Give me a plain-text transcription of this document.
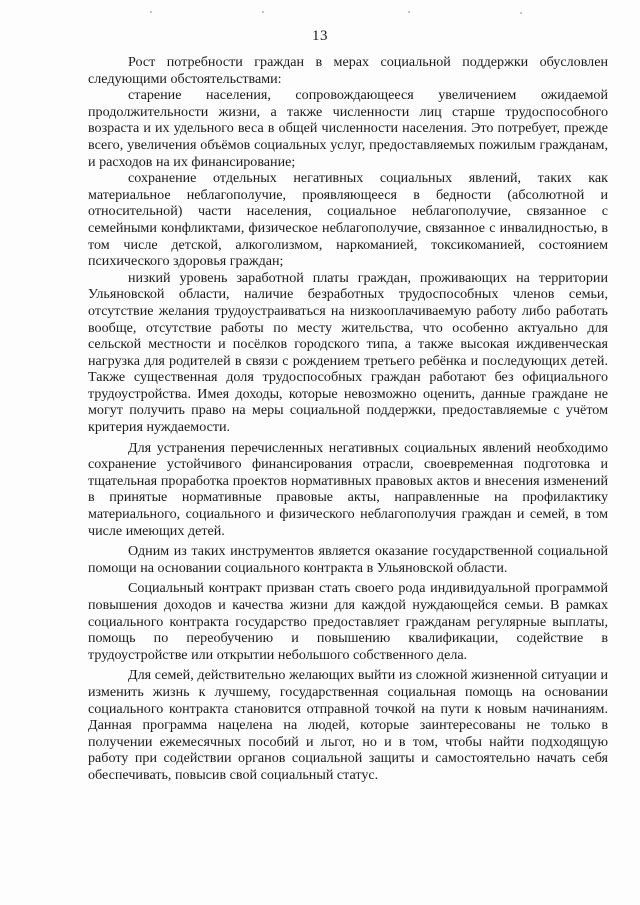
13

Рост потребности граждан в мерах социальной поддержки обусловлен следующими обстоятельствами:

старение населения, сопровождающееся увеличением ожидаемой продолжительности жизни, а также численности лиц старше трудоспособного возраста и их удельного веса в общей численности населения. Это потребует, прежде всего, увеличения объёмов социальных услуг, предоставляемых пожилым гражданам, и расходов на их финансирование;

сохранение отдельных негативных социальных явлений, таких как материальное неблагополучие, проявляющееся в бедности (абсолютной и относительной) части населения, социальное неблагополучие, связанное с семейными конфликтами, физическое неблагополучие, связанное с инвалидностью, в том числе детской, алкоголизмом, наркоманией, токсикоманией, состоянием психического здоровья граждан;

низкий уровень заработной платы граждан, проживающих на территории Ульяновской области, наличие безработных трудоспособных членов семьи, отсутствие желания трудоустраиваться на низкооплачиваемую работу либо работать вообще, отсутствие работы по месту жительства, что особенно актуально для сельской местности и посёлков городского типа, а также высокая иждивенческая нагрузка для родителей в связи с рождением третьего ребёнка и последующих детей. Также существенная доля трудоспособных граждан работают без официального трудоустройства. Имея доходы, которые невозможно оценить, данные граждане не могут получить право на меры социальной поддержки, предоставляемые с учётом критерия нуждаемости.

Для устранения перечисленных негативных социальных явлений необходимо сохранение устойчивого финансирования отрасли, своевременная подготовка и тщательная проработка проектов нормативных правовых актов и внесения изменений в принятые нормативные правовые акты, направленные на профилактику материального, социального и физического неблагополучия граждан и семей, в том числе имеющих детей.

Одним из таких инструментов является оказание государственной социальной помощи на основании социального контракта в Ульяновской области.

Социальный контракт призван стать своего рода индивидуальной программой повышения доходов и качества жизни для каждой нуждающейся семьи. В рамках социального контракта государство предоставляет гражданам регулярные выплаты, помощь по переобучению и повышению квалификации, содействие в трудоустройстве или открытии небольшого собственного дела.

Для семей, действительно желающих выйти из сложной жизненной ситуации и изменить жизнь к лучшему, государственная социальная помощь на основании социального контракта становится отправной точкой на пути к новым начинаниям. Данная программа нацелена на людей, которые заинтересованы не только в получении ежемесячных пособий и льгот, но и в том, чтобы найти подходящую работу при содействии органов социальной защиты и самостоятельно начать себя обеспечивать, повысив свой социальный статус.
